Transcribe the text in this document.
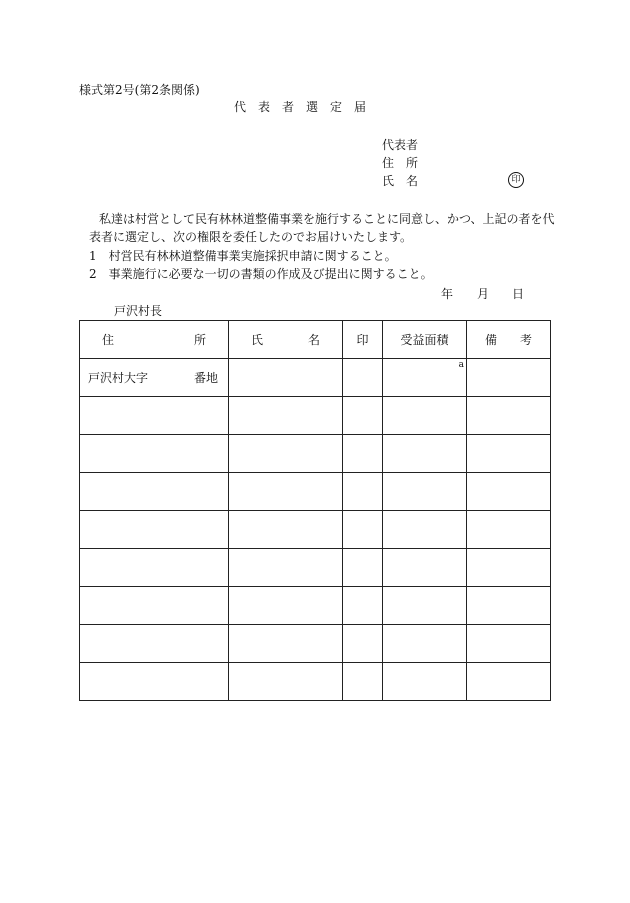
様式第2号(第2条関係)
代　表　者　選　定　届
代表者
住　所
氏　名	印
私達は村営として民有林林道整備事業を施行することに同意し、かつ、上記の者を代
表者に選定し、次の権限を委任したのでお届けいたします。
1　村営民有林林道整備事業実施採択申請に関すること。
2　事業施行に必要な一切の書類の作成及び提出に関すること。
年 月 日
戸沢村長
住 所	氏 名	印	受益面積	備 考

戸沢村大字 番地			a	
